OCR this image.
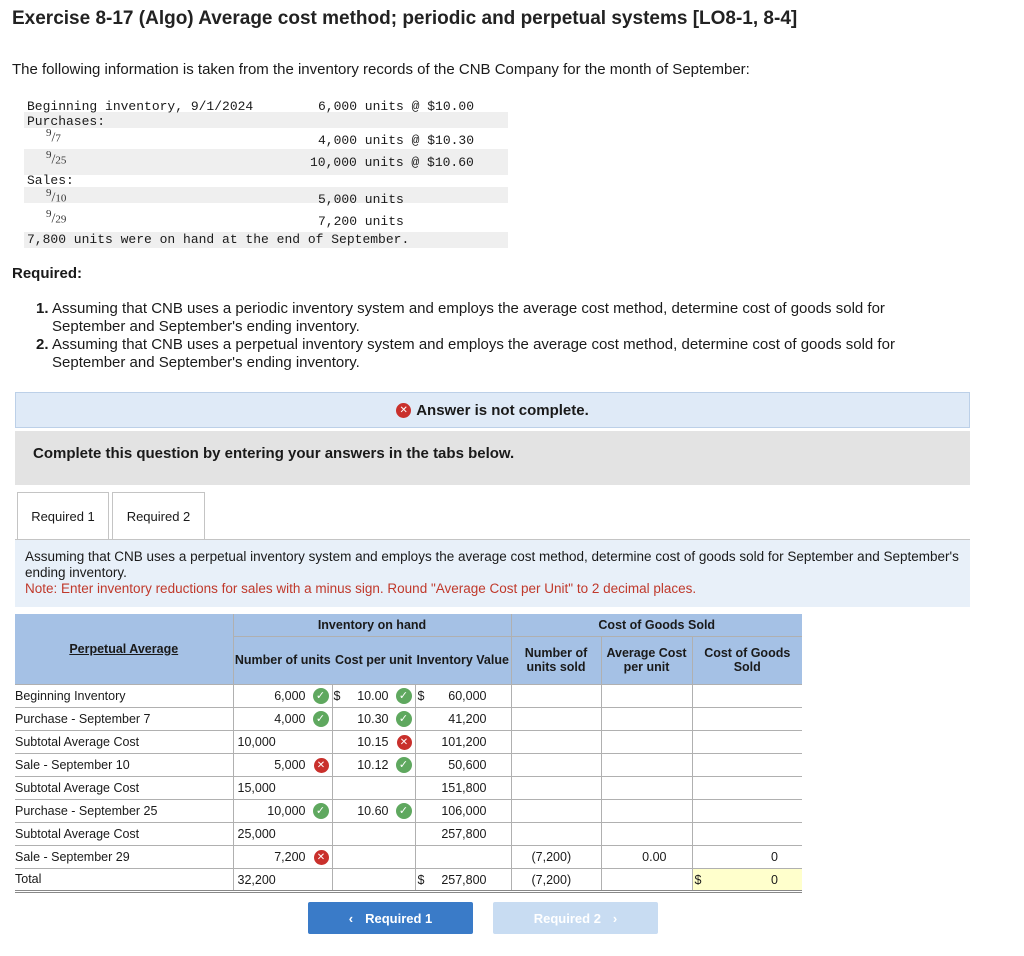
Exercise 8-17 (Algo) Average cost method; periodic and perpetual systems [LO8-1, 8-4]
The following information is taken from the inventory records of the CNB Company for the month of September:
Beginning inventory, 9/1/2024	6,000 units @ $10.00
Purchases:
$^9$/7	4,000 units @ $10.30
$^9$/25	10,000 units @ $10.60
Sales:
$^9$/10	5,000 units
$^9$/29	7,200 units
7,800 units were on hand at the end of September.
Required:
1. Assuming that CNB uses a periodic inventory system and employs the average cost method, determine cost of goods sold for September and September's ending inventory.
2. Assuming that CNB uses a perpetual inventory system and employs the average cost method, determine cost of goods sold for September and September's ending inventory.
✕ Answer is not complete.
Complete this question by entering your answers in the tabs below.
Required 1	Required 2
Assuming that CNB uses a perpetual inventory system and employs the average cost method, determine cost of goods sold for September and September's ending inventory.
Note: Enter inventory reductions for sales with a minus sign. Round "Average Cost per Unit" to 2 decimal places.
Perpetual Average	Inventory on hand			Cost of Goods Sold		
	Number of units	Cost per unit	Inventory Value	Number of units sold	Average Cost per unit	Cost of Goods Sold
Beginning Inventory	6,000 ✓	$ 10.00 ✓	$ 60,000			

Purchase - September 7	4,000 ✓	10.30 ✓	41,200			

Subtotal Average Cost	10,000	10.15 ✕	101,200			

Sale - September 10	5,000 ✕	10.12 ✓	50,600			

Subtotal Average Cost	15,000		151,800			

Purchase - September 25	10,000 ✓	10.60 ✓	106,000			

Subtotal Average Cost	25,000		257,800			

Sale - September 29	7,200 ✕			(7,200)	0.00	0

Total	32,200		$ 257,800	(7,200)		$ 0
‹ Required 1	Required 2 ›
